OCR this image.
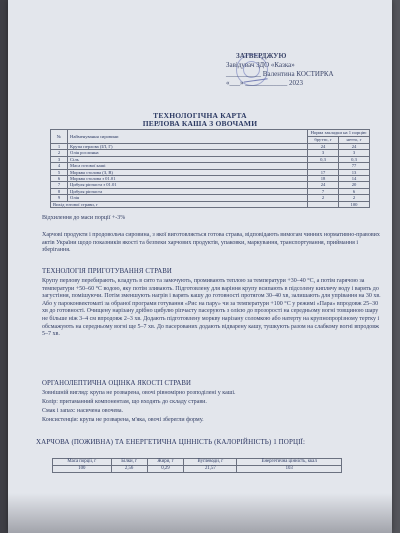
ЗАТВЕРДЖУЮ
Завідувач ЗДО «Казка»
__________ Валентина КОСТИРКА
«___» ____________ 2023
ТЕХНОЛОГІЧНА КАРТА
ПЕРЛОВА КАША З ОВОЧАМИ
№	Найменування сировини	Норма закладки на 1 порцію	
		брутто, г	нетто, г
1	Крупа перлова (ІЛ, Г)	24	24
2	Олія рослинна	3	3
3	Сіль	0,3	0,3
4	Маса готової каші		77
5	Морква столова (З, В)	17	13
6	Морква столова з 01.01	18	14
7	Цибуля ріпчаста з 01.01	24	20
8	Цибуля ріпчаста	7	6
9	Олія	2	2
Вихід готової страви, г			100
Відхилення до маси порції +-3%
Харчові продукти і продовольча сировина, з якої виготовляється готова страва, відповідають вимогам чинних нормативно-правових актів України щодо показників якості та безпеки харчових продуктів, упаковки, маркування, транспортування, приймання і зберігання.
ТЕХНОЛОГІЯ ПРИГОТУВАННЯ СТРАВИ
Крупу перлову перебирають, кладуть в сито та замочують, промивають теплою за температури +30–40 °С, а потім гарячою за температури +50–60 °С водою, яку потім зливають. Підготовлену для варіння крупу всипають в підсолену киплячу воду і варять до загустіння, помішуючи. Потім зменшують нагрів і варять кашу до готовності протягом 30–40 хв, залишають для упрівання на 30 хв. Або у пароконвектоматі за обраної програми готування «Рис на пару» чи за температури +100 °С у режимі «Пара» впродовж 25–30 хв до готовності. Очищену нарізану дрібно цибулю ріпчасту пасерують з олією до прозорості на середньому вогні товщиною шару не більше ніж 3–4 см впродовж 2–3 хв. Додають підготовлену моркву нарізану соломкою або натерту на крупнопрорізному тертку і обсмажують на середньому вогні ще 5–7 хв. До пасерованих додають відварену кашу, тушкують разом на слабкому вогні впродовж 5–7 хв.
ОРГАНОЛЕПТИЧНА ОЦІНКА ЯКОСТІ СТРАВИ
Зовнішній вигляд: крупа не розварена, овочі рівномірно розподілені у каші.
Колір: притаманний компонентам, що входять до складу страви.
Смак і запах: насичена овочева.
Консистенція: крупа не розварена, м'яка, овочі зберегли форму.
ХАРЧОВА (ПОЖИВНА) ТА ЕНЕРГЕТИЧНА ЦІННІСТЬ (КАЛОРІЙНІСТЬ) 1 ПОРЦІЇ:
Маса порції, г	Білки, г	Жири, г	Вуглеводи, г	Енергетична цінність, ккал
100	2,56	0,29	21,57	103
